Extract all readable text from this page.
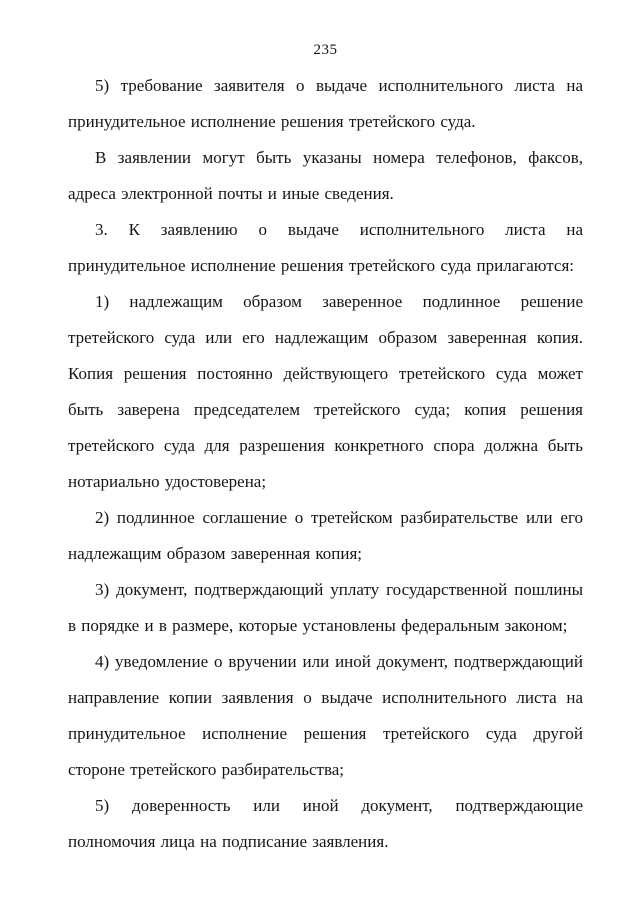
235

5) требование заявителя о выдаче исполнительного листа на принудительное исполнение решения третейского суда.

В заявлении могут быть указаны номера телефонов, факсов, адреса электронной почты и иные сведения.

3. К заявлению о выдаче исполнительного листа на принудительное исполнение решения третейского суда прилагаются:

1) надлежащим образом заверенное подлинное решение третейского суда или его надлежащим образом заверенная копия. Копия решения постоянно действующего третейского суда может быть заверена председателем третейского суда; копия решения третейского суда для разрешения конкретного спора должна быть нотариально удостоверена;

2) подлинное соглашение о третейском разбирательстве или его надлежащим образом заверенная копия;

3) документ, подтверждающий уплату государственной пошлины в порядке и в размере, которые установлены федеральным законом;

4) уведомление о вручении или иной документ, подтверждающий направление копии заявления о выдаче исполнительного листа на принудительное исполнение решения третейского суда другой стороне третейского разбирательства;

5) доверенность или иной документ, подтверждающие полномочия лица на подписание заявления.
